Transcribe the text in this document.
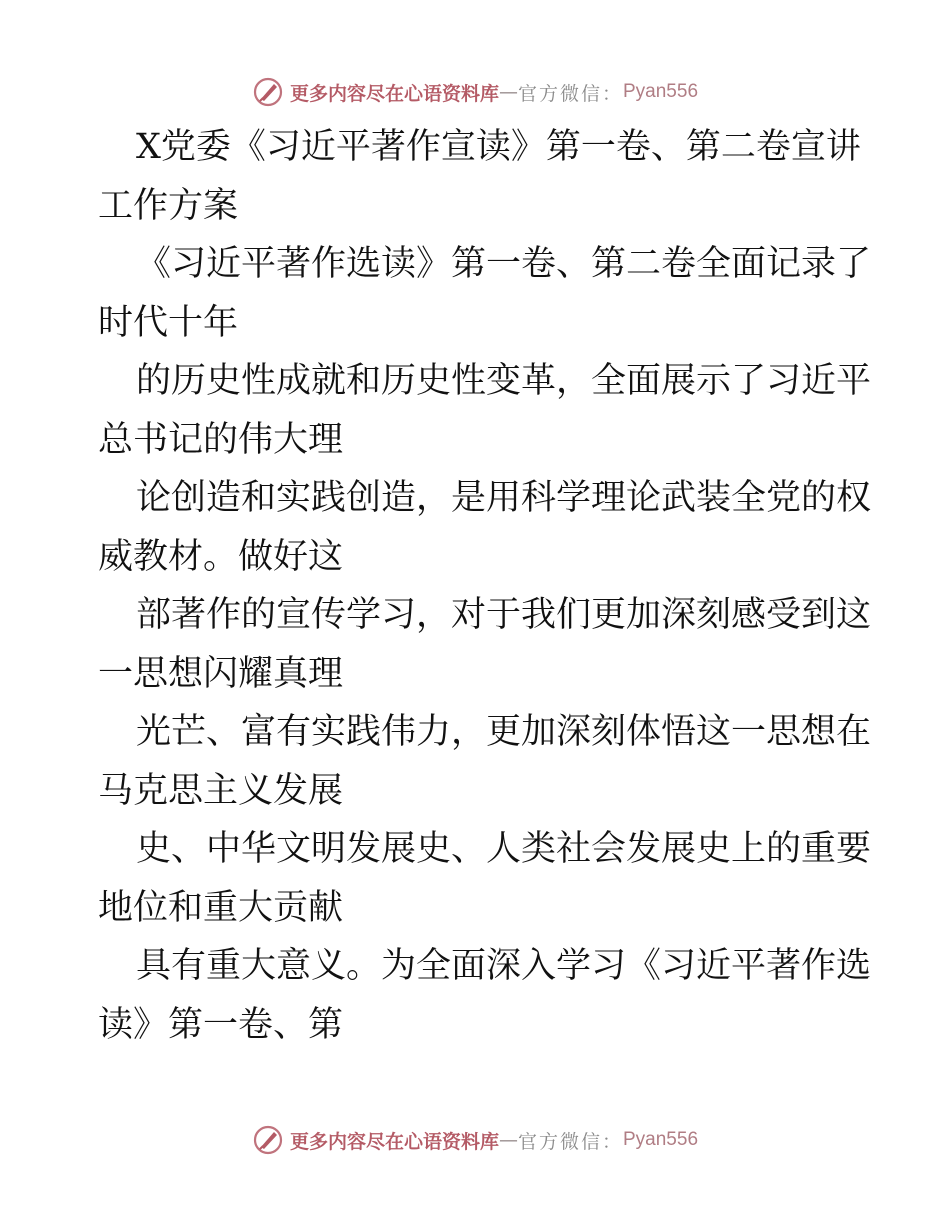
更多内容尽在心语资料库 — 官方微信： Pyan556
X党委《习近平著作宣读》第一卷、第二卷宣讲
工作方案
《习近平著作选读》第一卷、第二卷全面记录了
时代十年
的历史性成就和历史性变革，全面展示了习近平
总书记的伟大理
论创造和实践创造，是用科学理论武装全党的权
威教材。做好这
部著作的宣传学习，对于我们更加深刻感受到这
一思想闪耀真理
光芒、富有实践伟力，更加深刻体悟这一思想在
马克思主义发展
史、中华文明发展史、人类社会发展史上的重要
地位和重大贡献
具有重大意义。为全面深入学习《习近平著作选
读》第一卷、第
更多内容尽在心语资料库 — 官方微信： Pyan556
